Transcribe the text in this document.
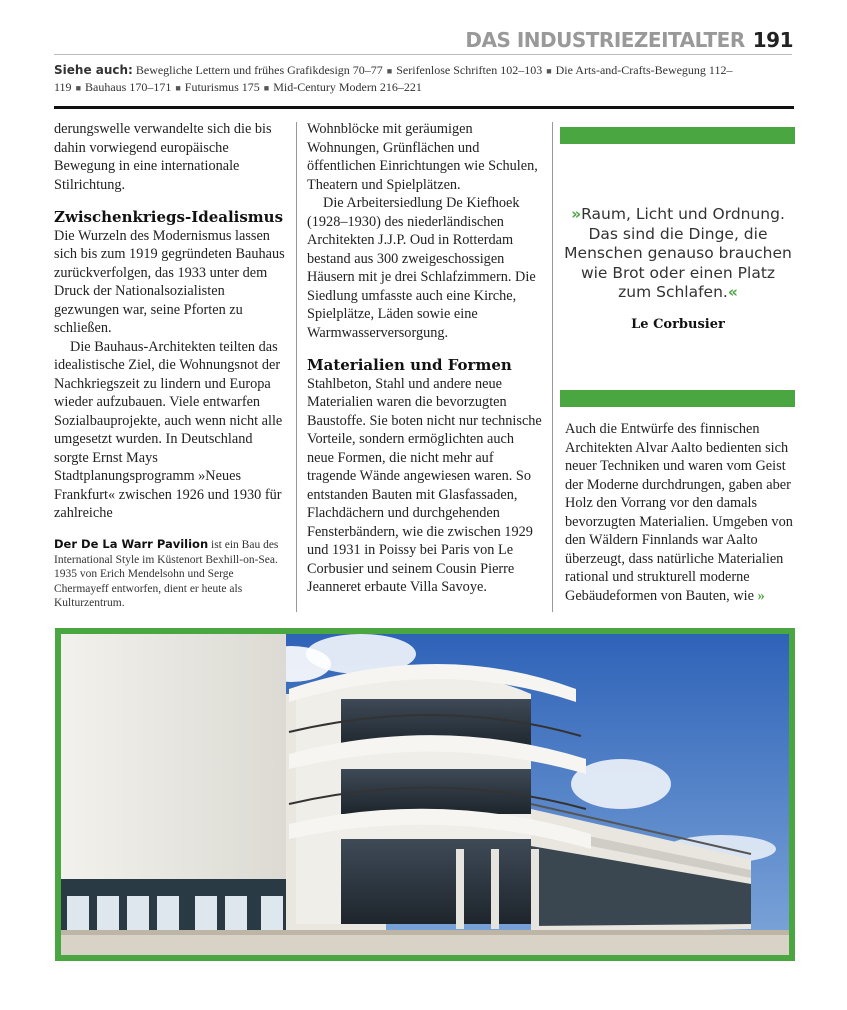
DAS INDUSTRIEZEITALTER 191
Siehe auch: Bewegliche Lettern und frühes Grafikdesign 70–77 ■ Serifenlose Schriften 102–103 ■ Die Arts-and-Crafts-Bewegung 112–119 ■ Bauhaus 170–171 ■ Futurismus 175 ■ Mid-Century Modern 216–221

derungswelle verwandelte sich die bis dahin vorwiegend europäische Bewegung in eine internationale Stilrichtung.

Zwischenkriegs-Idealismus

Die Wurzeln des Modernismus lassen sich bis zum 1919 gegründeten Bauhaus zurückverfolgen, das 1933 unter dem Druck der Nationalsozialisten gezwungen war, seine Pforten zu schließen.

Die Bauhaus-Architekten teilten das idealistische Ziel, die Wohnungsnot der Nachkriegszeit zu lindern und Europa wieder aufzubauen. Viele entwarfen Sozialbauprojekte, auch wenn nicht alle umgesetzt wurden. In Deutschland sorgte Ernst Mays Stadtplanungsprogramm »Neues Frankfurt« zwischen 1926 und 1930 für zahlreiche

Der De La Warr Pavilion ist ein Bau des International Style im Küstenort Bexhill-on-Sea. 1935 von Erich Mendelsohn und Serge Chermayeff entworfen, dient er heute als Kulturzentrum.

Wohnblöcke mit geräumigen Wohnungen, Grünflächen und öffentlichen Einrichtungen wie Schulen, Theatern und Spielplätzen.

Die Arbeitersiedlung De Kiefhoek (1928–1930) des niederländischen Architekten J.J.P. Oud in Rotterdam bestand aus 300 zweigeschossigen Häusern mit je drei Schlafzimmern. Die Siedlung umfasste auch eine Kirche, Spielplätze, Läden sowie eine Warmwasserversorgung.

Materialien und Formen

Stahlbeton, Stahl und andere neue Materialien waren die bevorzugten Baustoffe. Sie boten nicht nur technische Vorteile, sondern ermöglichten auch neue Formen, die nicht mehr auf tragende Wände angewiesen waren. So entstanden Bauten mit Glasfassaden, Flachdächern und durchgehenden Fensterbändern, wie die zwischen 1929 und 1931 in Poissy bei Paris von Le Corbusier und seinem Cousin Pierre Jeanneret erbaute Villa Savoye.

»Raum, Licht und Ordnung. Das sind die Dinge, die Menschen genauso brauchen wie Brot oder einen Platz zum Schlafen.«
Le Corbusier

Auch die Entwürfe des finnischen Architekten Alvar Aalto bedienten sich neuer Techniken und waren vom Geist der Moderne durchdrungen, gaben aber Holz den Vorrang vor den damals bevorzugten Materialien. Umgeben von den Wäldern Finnlands war Aalto überzeugt, dass natürliche Materialien rational und strukturell moderne Gebäudeformen von Bauten, wie »
